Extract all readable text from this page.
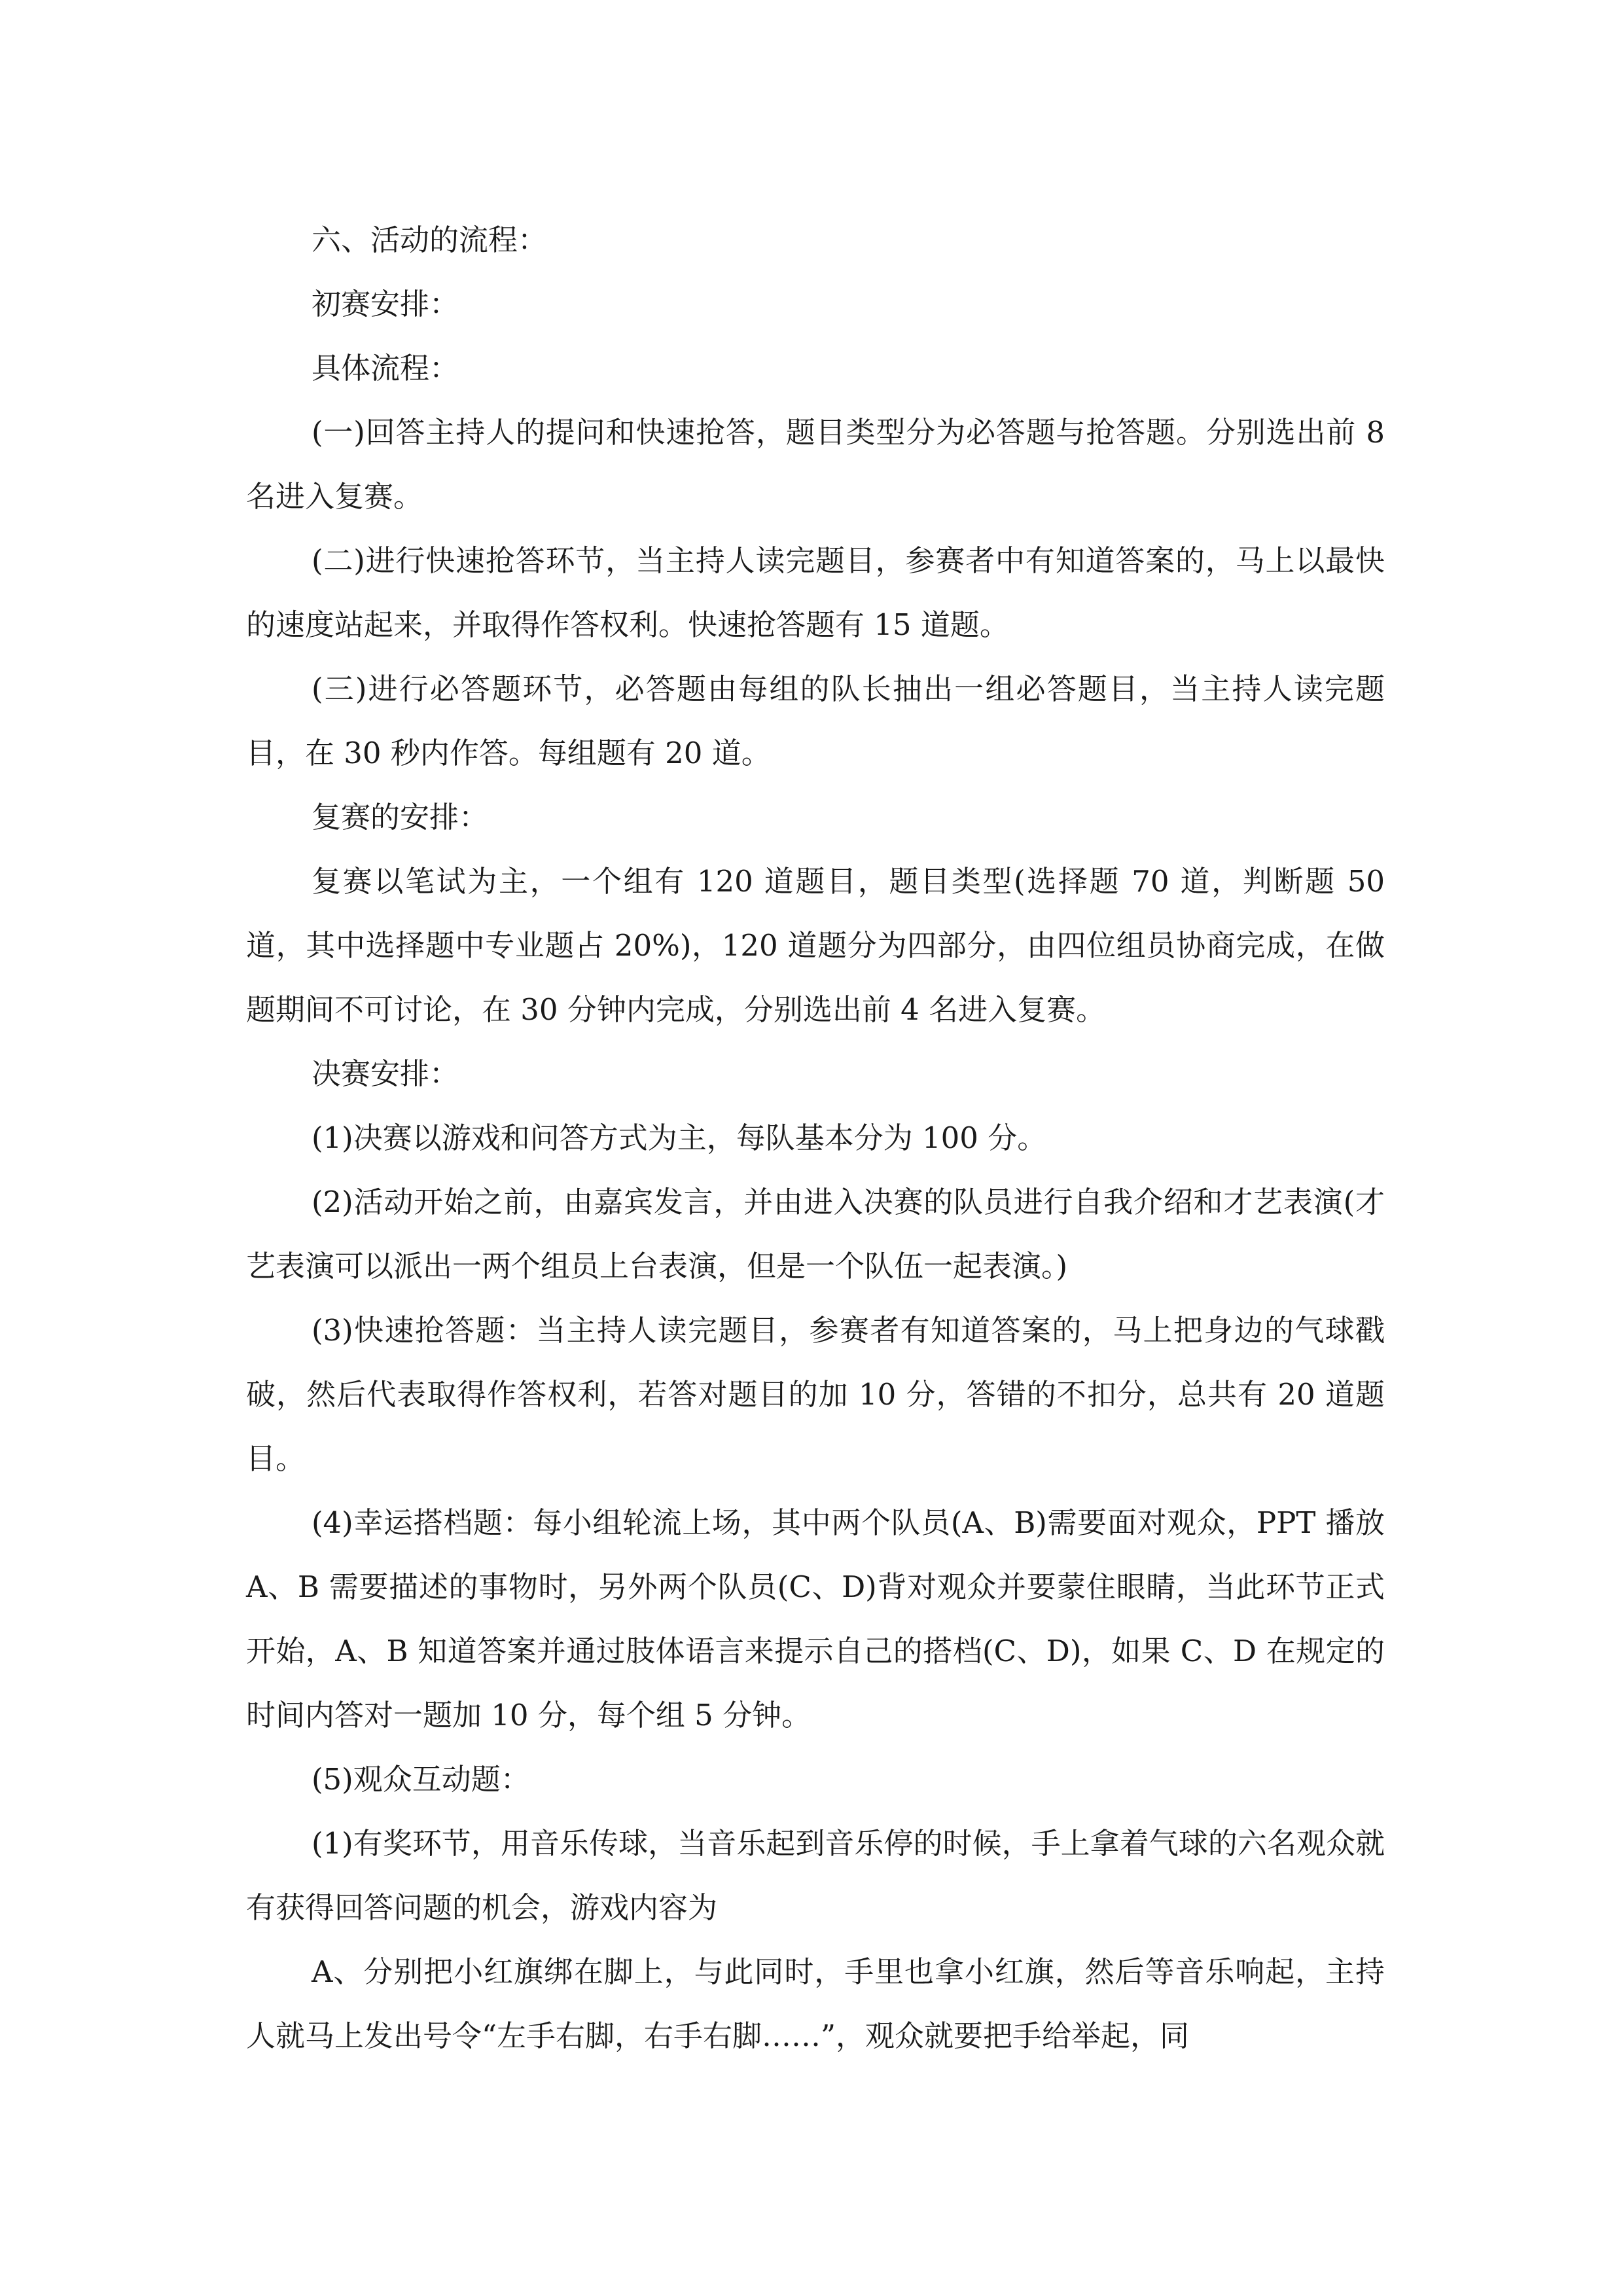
六、活动的流程：

初赛安排：

具体流程：

(一)回答主持人的提问和快速抢答，题目类型分为必答题与抢答题。分别选出前 8 名进入复赛。

(二)进行快速抢答环节，当主持人读完题目，参赛者中有知道答案的，马上以最快的速度站起来，并取得作答权利。快速抢答题有 15 道题。

(三)进行必答题环节，必答题由每组的队长抽出一组必答题目，当主持人读完题目，在 30 秒内作答。每组题有 20 道。

复赛的安排：

复赛以笔试为主，一个组有 120 道题目，题目类型(选择题 70 道，判断题 50 道，其中选择题中专业题占 20%)，120 道题分为四部分，由四位组员协商完成，在做题期间不可讨论，在 30 分钟内完成，分别选出前 4 名进入复赛。

决赛安排：

(1)决赛以游戏和问答方式为主，每队基本分为 100 分。

(2)活动开始之前，由嘉宾发言，并由进入决赛的队员进行自我介绍和才艺表演(才艺表演可以派出一两个组员上台表演，但是一个队伍一起表演。)

(3)快速抢答题：当主持人读完题目，参赛者有知道答案的，马上把身边的气球戳破，然后代表取得作答权利，若答对题目的加 10 分，答错的不扣分，总共有 20 道题目。

(4)幸运搭档题：每小组轮流上场，其中两个队员(A、B)需要面对观众，PPT 播放 A、B 需要描述的事物时，另外两个队员(C、D)背对观众并要蒙住眼睛，当此环节正式开始，A、B 知道答案并通过肢体语言来提示自己的搭档(C、D)，如果 C、D 在规定的时间内答对一题加 10 分，每个组 5 分钟。

(5)观众互动题：

(1)有奖环节，用音乐传球，当音乐起到音乐停的时候，手上拿着气球的六名观众就有获得回答问题的机会，游戏内容为

A、分别把小红旗绑在脚上，与此同时，手里也拿小红旗，然后等音乐响起，主持人就马上发出号令“左手右脚，右手右脚……”，观众就要把手给举起，同
